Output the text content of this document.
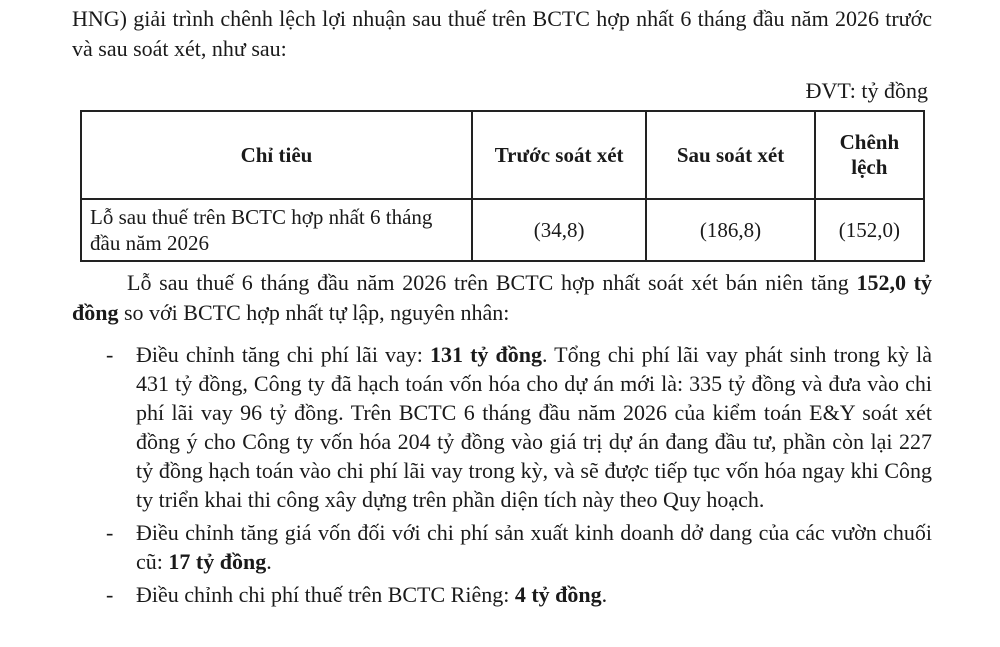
HNG) giải trình chênh lệch lợi nhuận sau thuế trên BCTC hợp nhất 6 tháng đầu năm 2026 trước và sau soát xét, như sau:
ĐVT: tỷ đồng
Chỉ tiêu	Trước soát xét	Sau soát xét	Chênh lệch
Lỗ sau thuế trên BCTC hợp nhất 6 tháng đầu năm 2026	(34,8)	(186,8)	(152,0)
Lỗ sau thuế 6 tháng đầu năm 2026 trên BCTC hợp nhất soát xét bán niên tăng 152,0 tỷ đồng so với BCTC hợp nhất tự lập, nguyên nhân:
- Điều chỉnh tăng chi phí lãi vay: 131 tỷ đồng. Tổng chi phí lãi vay phát sinh trong kỳ là 431 tỷ đồng, Công ty đã hạch toán vốn hóa cho dự án mới là: 335 tỷ đồng và đưa vào chi phí lãi vay 96 tỷ đồng. Trên BCTC 6 tháng đầu năm 2026 của kiểm toán E&Y soát xét đồng ý cho Công ty vốn hóa 204 tỷ đồng vào giá trị dự án đang đầu tư, phần còn lại 227 tỷ đồng hạch toán vào chi phí lãi vay trong kỳ, và sẽ được tiếp tục vốn hóa ngay khi Công ty triển khai thi công xây dựng trên phần diện tích này theo Quy hoạch.
- Điều chỉnh tăng giá vốn đối với chi phí sản xuất kinh doanh dở dang của các vườn chuối cũ: 17 tỷ đồng.
- Điều chỉnh chi phí thuế trên BCTC Riêng: 4 tỷ đồng.
